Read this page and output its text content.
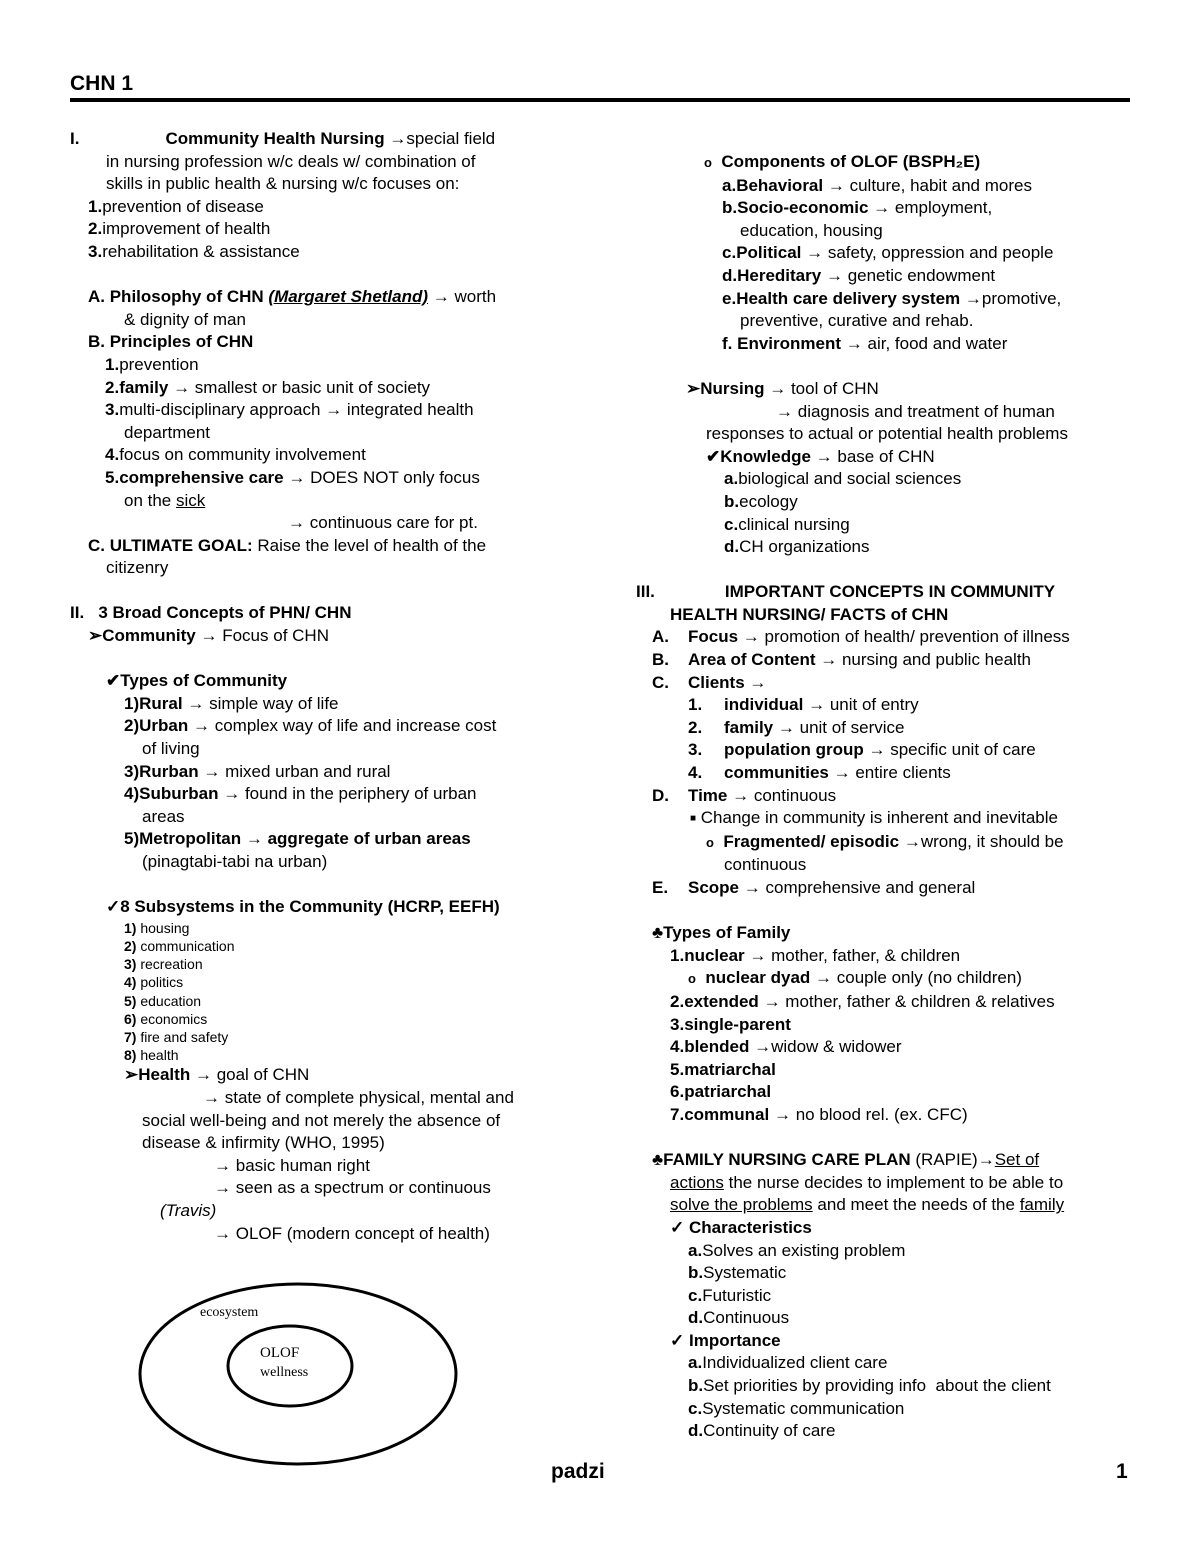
CHN 1
I.	Community Health Nursing →special field
in nursing profession w/c deals w/ combination of
skills in public health & nursing w/c focuses on:
1.prevention of disease
2.improvement of health
3.rehabilitation & assistance
A. Philosophy of CHN (Margaret Shetland) → worth
& dignity of man
B. Principles of CHN
1.prevention
2.family → smallest or basic unit of society
3.multi-disciplinary approach → integrated health
department
4.focus on community involvement
5.comprehensive care → DOES NOT only focus
on the sick
→ continuous care for pt.
C. ULTIMATE GOAL: Raise the level of health of the
citizenry
II. 3 Broad Concepts of PHN/ CHN
➢Community → Focus of CHN
✔Types of Community
1)Rural → simple way of life
2)Urban → complex way of life and increase cost
of living
3)Rurban → mixed urban and rural
4)Suburban → found in the periphery of urban
areas
5)Metropolitan → aggregate of urban areas
(pinagtabi-tabi na urban)
✓8 Subsystems in the Community (HCRP, EEFH)
1) housing
2) communication
3) recreation
4) politics
5) education
6) economics
7) fire and safety
8) health
➢Health → goal of CHN
→ state of complete physical, mental and
social well-being and not merely the absence of
disease & infirmity (WHO, 1995)
→ basic human right
→ seen as a spectrum or continuous
(Travis)
→ OLOF (modern concept of health)
ecosystem
OLOF
wellness
o Components of OLOF (BSPH₂E)
a.Behavioral → culture, habit and mores
b.Socio-economic → employment,
education, housing
c.Political → safety, oppression and people
d.Hereditary → genetic endowment
e.Health care delivery system →promotive,
preventive, curative and rehab.
f. Environment → air, food and water
➢Nursing → tool of CHN
→ diagnosis and treatment of human
responses to actual or potential health problems
✔Knowledge → base of CHN
a.biological and social sciences
b.ecology
c.clinical nursing
d.CH organizations
III.	IMPORTANT CONCEPTS IN COMMUNITY
HEALTH NURSING/ FACTS of CHN
A. Focus → promotion of health/ prevention of illness
B. Area of Content → nursing and public health
C. Clients →
1. individual → unit of entry
2. family → unit of service
3. population group → specific unit of care
4. communities → entire clients
D. Time → continuous
■ Change in community is inherent and inevitable
o Fragmented/ episodic →wrong, it should be
continuous
E. Scope → comprehensive and general
♣Types of Family
1.nuclear → mother, father, & children
o nuclear dyad → couple only (no children)
2.extended → mother, father & children & relatives
3.single-parent
4.blended →widow & widower
5.matriarchal
6.patriarchal
7.communal → no blood rel. (ex. CFC)
♣FAMILY NURSING CARE PLAN (RAPIE)→Set of
actions the nurse decides to implement to be able to
solve the problems and meet the needs of the family
✓ Characteristics
a.Solves an existing problem
b.Systematic
c.Futuristic
d.Continuous
✓ Importance
a.Individualized client care
b.Set priorities by providing info  about the client
c.Systematic communication
d.Continuity of care
padzi	1
